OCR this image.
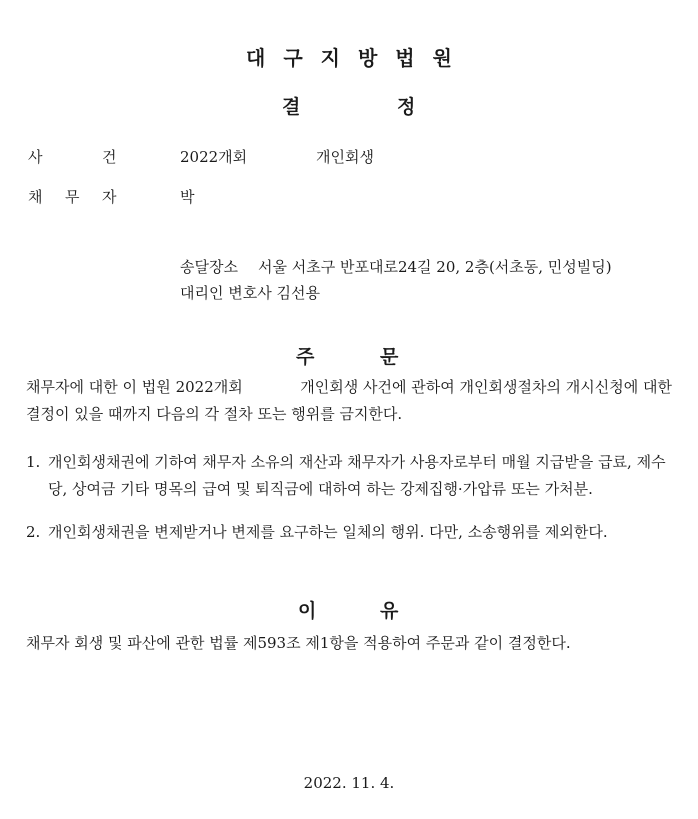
대구지방법원
결	정
사	건	2022개회	개인회생
채 무 자	박
송달장소 서울 서초구 반포대로24길 20, 2층(서초동, 민성빌딩)
대리인 변호사 김선용
주	문
채무자에 대한 이 법원 2022개회            개인회생 사건에 관하여 개인회생절차의 개시신청에 대한 결정이 있을 때까지 다음의 각 절차 또는 행위를 금지한다.
1. 개인회생채권에 기하여 채무자 소유의 재산과 채무자가 사용자로부터 매월 지급받을 급료, 제수당, 상여금 기타 명목의 급여 및 퇴직금에 대하여 하는 강제집행·가압류 또는 가처분.
2. 개인회생채권을 변제받거나 변제를 요구하는 일체의 행위. 다만, 소송행위를 제외한다.
이	유
채무자 회생 및 파산에 관한 법률 제593조 제1항을 적용하여 주문과 같이 결정한다.
2022. 11. 4.
